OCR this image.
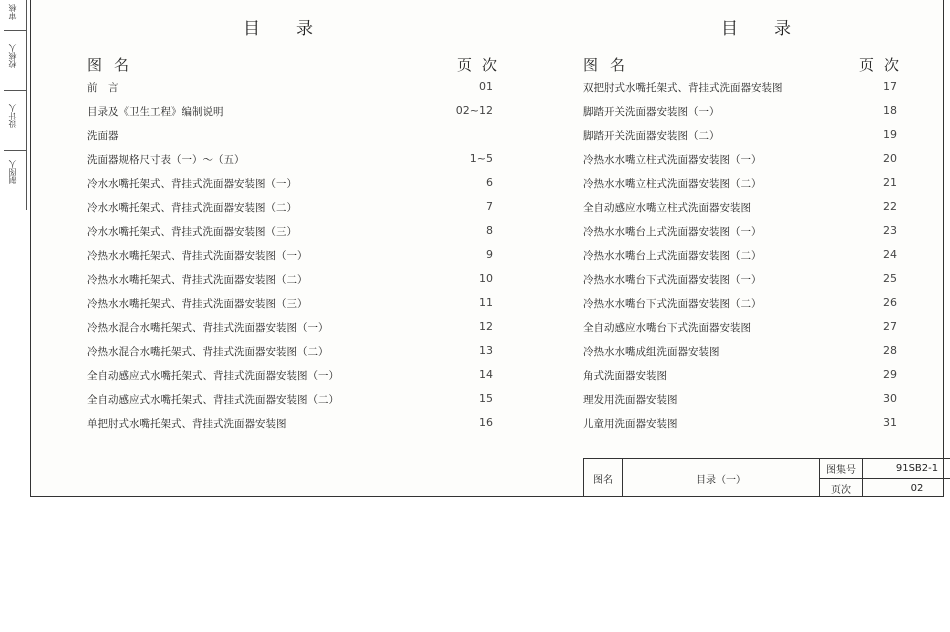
审核
校核人
设计人
制图人
目录
图名	页次
前　言	01
目录及《卫生工程》编制说明	02~12
洗面器
洗面器规格尺寸表（一）～（五）	1~5
冷水水嘴托架式、背挂式洗面器安装图（一）	6
冷水水嘴托架式、背挂式洗面器安装图（二）	7
冷水水嘴托架式、背挂式洗面器安装图（三）	8
冷热水水嘴托架式、背挂式洗面器安装图（一）	9
冷热水水嘴托架式、背挂式洗面器安装图（二）	10
冷热水水嘴托架式、背挂式洗面器安装图（三）	11
冷热水混合水嘴托架式、背挂式洗面器安装图（一）	12
冷热水混合水嘴托架式、背挂式洗面器安装图（二）	13
全自动感应式水嘴托架式、背挂式洗面器安装图（一）	14
全自动感应式水嘴托架式、背挂式洗面器安装图（二）	15
单把肘式水嘴托架式、背挂式洗面器安装图	16
目录
图名	页次
双把肘式水嘴托架式、背挂式洗面器安装图	17
脚踏开关洗面器安装图（一）	18
脚踏开关洗面器安装图（二）	19
冷热水水嘴立柱式洗面器安装图（一）	20
冷热水水嘴立柱式洗面器安装图（二）	21
全自动感应水嘴立柱式洗面器安装图	22
冷热水水嘴台上式洗面器安装图（一）	23
冷热水水嘴台上式洗面器安装图（二）	24
冷热水水嘴台下式洗面器安装图（一）	25
冷热水水嘴台下式洗面器安装图（二）	26
全自动感应水嘴台下式洗面器安装图	27
冷热水水嘴成组洗面器安装图	28
角式洗面器安装图	29
理发用洗面器安装图	30
儿童用洗面器安装图	31
图名	目录（一）
图集号	91SB2-1
页次	02
